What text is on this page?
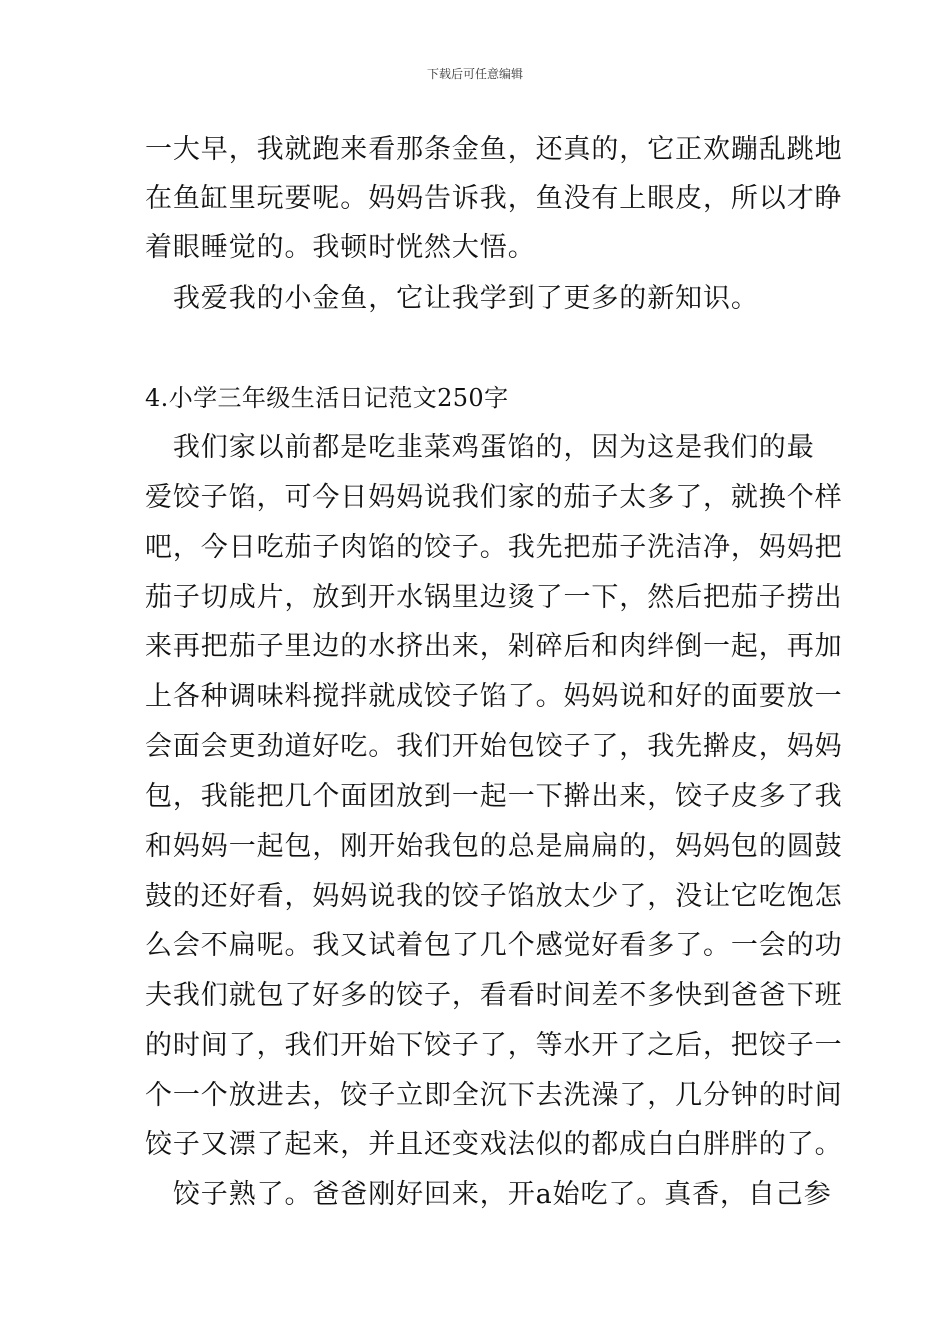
下载后可任意编辑
一大早，我就跑来看那条金鱼，还真的，它正欢蹦乱跳地
在鱼缸里玩要呢。妈妈告诉我，鱼没有上眼皮，所以才睁
着眼睡觉的。我顿时恍然大悟。
　我爱我的小金鱼，它让我学到了更多的新知识。
4.小学三年级生活日记范文250字
　我们家以前都是吃韭菜鸡蛋馅的，因为这是我们的最
爱饺子馅，可今日妈妈说我们家的茄子太多了，就换个样
吧，今日吃茄子肉馅的饺子。我先把茄子洗洁净，妈妈把
茄子切成片，放到开水锅里边烫了一下，然后把茄子捞出
来再把茄子里边的水挤出来，剁碎后和肉绊倒一起，再加
上各种调味料搅拌就成饺子馅了。妈妈说和好的面要放一
会面会更劲道好吃。我们开始包饺子了，我先擀皮，妈妈
包，我能把几个面团放到一起一下擀出来，饺子皮多了我
和妈妈一起包，刚开始我包的总是扁扁的，妈妈包的圆鼓
鼓的还好看，妈妈说我的饺子馅放太少了，没让它吃饱怎
么会不扁呢。我又试着包了几个感觉好看多了。一会的功
夫我们就包了好多的饺子，看看时间差不多快到爸爸下班
的时间了，我们开始下饺子了，等水开了之后，把饺子一
个一个放进去，饺子立即全沉下去洗澡了，几分钟的时间
饺子又漂了起来，并且还变戏法似的都成白白胖胖的了。
　饺子熟了。爸爸刚好回来，开a始吃了。真香，自己参
